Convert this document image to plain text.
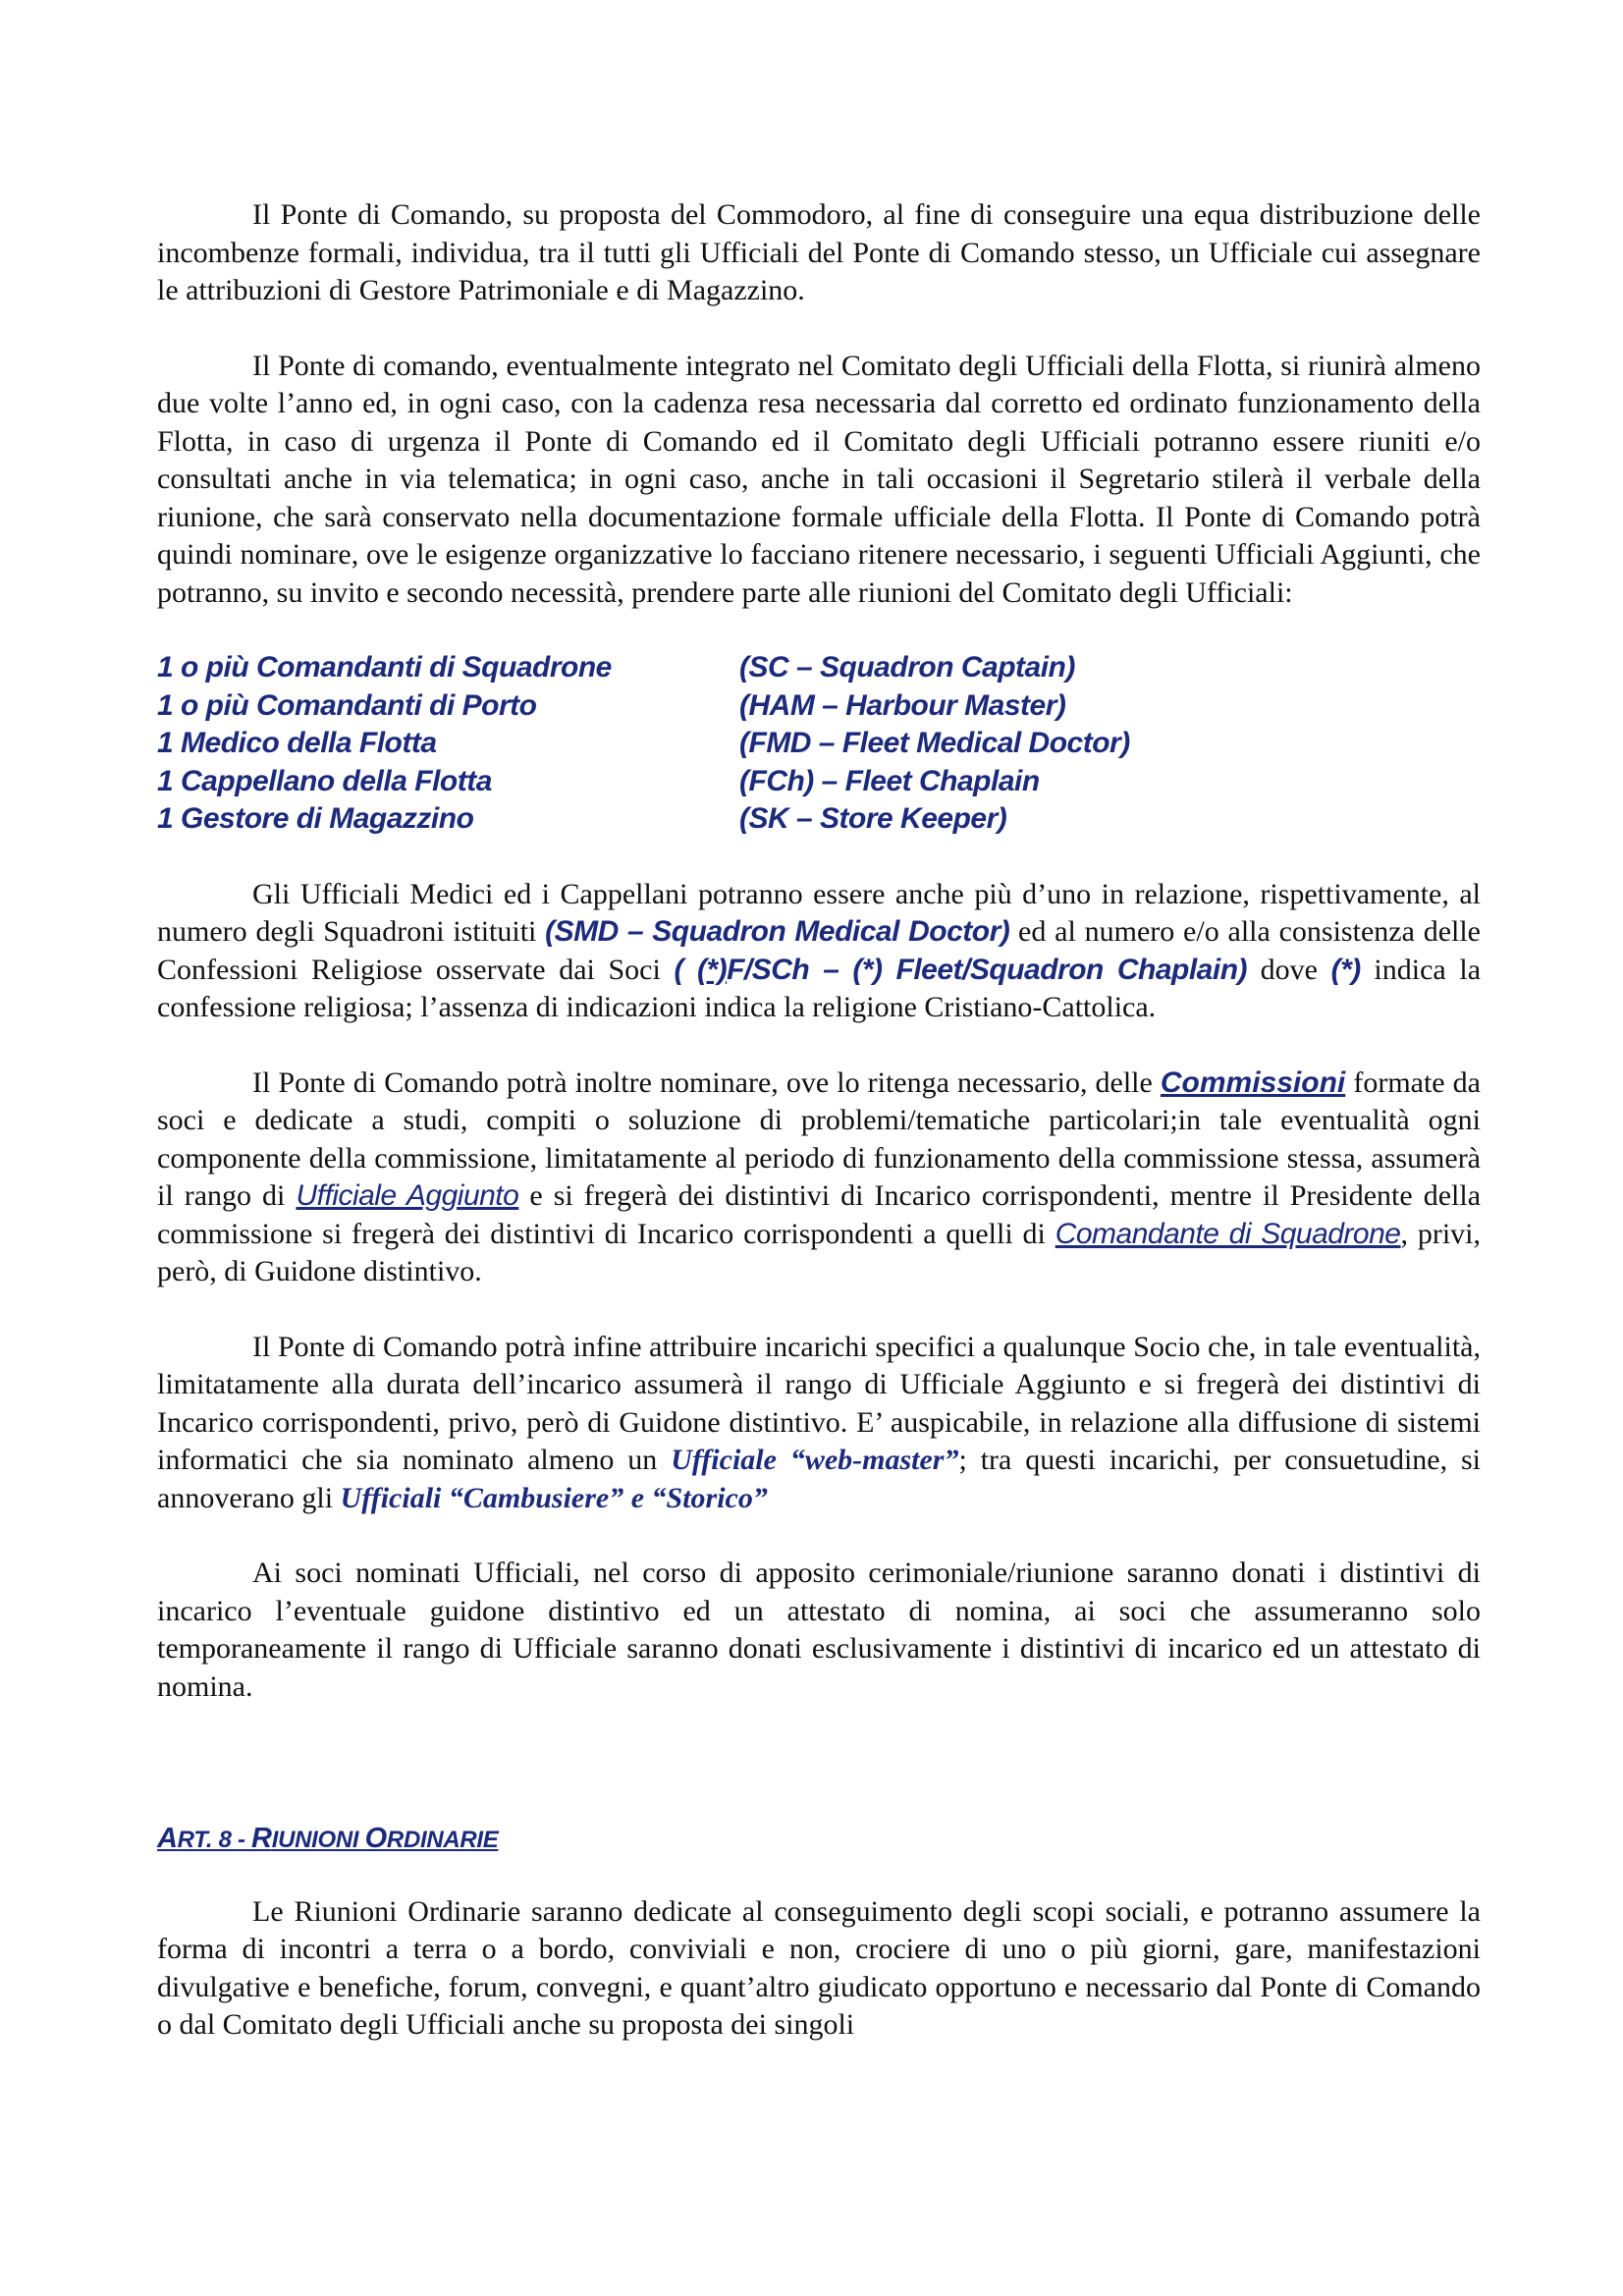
Il Ponte di Comando, su proposta del Commodoro, al fine di conseguire una equa distribuzione delle incombenze formali, individua, tra il tutti gli Ufficiali del Ponte di Comando stesso, un Ufficiale cui assegnare le attribuzioni di Gestore Patrimoniale e di Magazzino.

Il Ponte di comando, eventualmente integrato nel Comitato degli Ufficiali della Flotta, si riunirà almeno due volte l’anno ed, in ogni caso, con la cadenza resa necessaria dal corretto ed ordinato funzionamento della Flotta, in caso di urgenza il Ponte di Comando ed il Comitato degli Ufficiali potranno essere riuniti e/o consultati anche in via telematica; in ogni caso, anche in tali occasioni il Segretario stilerà il verbale della riunione, che sarà conservato nella documentazione formale ufficiale della Flotta. Il Ponte di Comando potrà quindi nominare, ove le esigenze organizzative lo facciano ritenere necessario, i seguenti Ufficiali Aggiunti, che potranno, su invito e secondo necessità, prendere parte alle riunioni del Comitato degli Ufficiali:

1 o più Comandanti di Squadrone	(SC – Squadron Captain)
1 o più Comandanti di Porto	(HAM – Harbour Master)
1 Medico della Flotta	(FMD – Fleet Medical Doctor)
1 Cappellano della Flotta	(FCh) – Fleet Chaplain
1 Gestore di Magazzino	(SK – Store Keeper)

Gli Ufficiali Medici ed i Cappellani potranno essere anche più d’uno in relazione, rispettivamente, al numero degli Squadroni istituiti (SMD – Squadron Medical Doctor) ed al numero e/o alla consistenza delle Confessioni Religiose osservate dai Soci ( (*)F/SCh – (*) Fleet/Squadron Chaplain) dove (*) indica la confessione religiosa; l’assenza di indicazioni indica la religione Cristiano-Cattolica.

Il Ponte di Comando potrà inoltre nominare, ove lo ritenga necessario, delle Commissioni formate da soci e dedicate a studi, compiti o soluzione di problemi/tematiche particolari;in tale eventualità ogni componente della commissione, limitatamente al periodo di funzionamento della commissione stessa, assumerà il rango di Ufficiale Aggiunto e si fregerà dei distintivi di Incarico corrispondenti, mentre il Presidente della commissione si fregerà dei distintivi di Incarico corrispondenti a quelli di Comandante di Squadrone, privi, però, di Guidone distintivo.

Il Ponte di Comando potrà infine attribuire incarichi specifici a qualunque Socio che, in tale eventualità, limitatamente alla durata dell’incarico assumerà il rango di Ufficiale Aggiunto e si fregerà dei distintivi di Incarico corrispondenti, privo, però di Guidone distintivo. E’ auspicabile, in relazione alla diffusione di sistemi informatici che sia nominato almeno un Ufficiale “web-master”; tra questi incarichi, per consuetudine, si annoverano gli Ufficiali “Cambusiere” e “Storico”

Ai soci nominati Ufficiali, nel corso di apposito cerimoniale/riunione saranno donati i distintivi di incarico l’eventuale guidone distintivo ed un attestato di nomina, ai soci che assumeranno solo temporaneamente il rango di Ufficiale saranno donati esclusivamente i distintivi di incarico ed un attestato di nomina.

ART. 8 - RIUNIONI ORDINARIE

Le Riunioni Ordinarie saranno dedicate al conseguimento degli scopi sociali, e potranno assumere la forma di incontri a terra o a bordo, conviviali e non, crociere di uno o più giorni, gare, manifestazioni divulgative e benefiche, forum, convegni, e quant’altro giudicato opportuno e necessario dal Ponte di Comando o dal Comitato degli Ufficiali anche su proposta dei singoli
